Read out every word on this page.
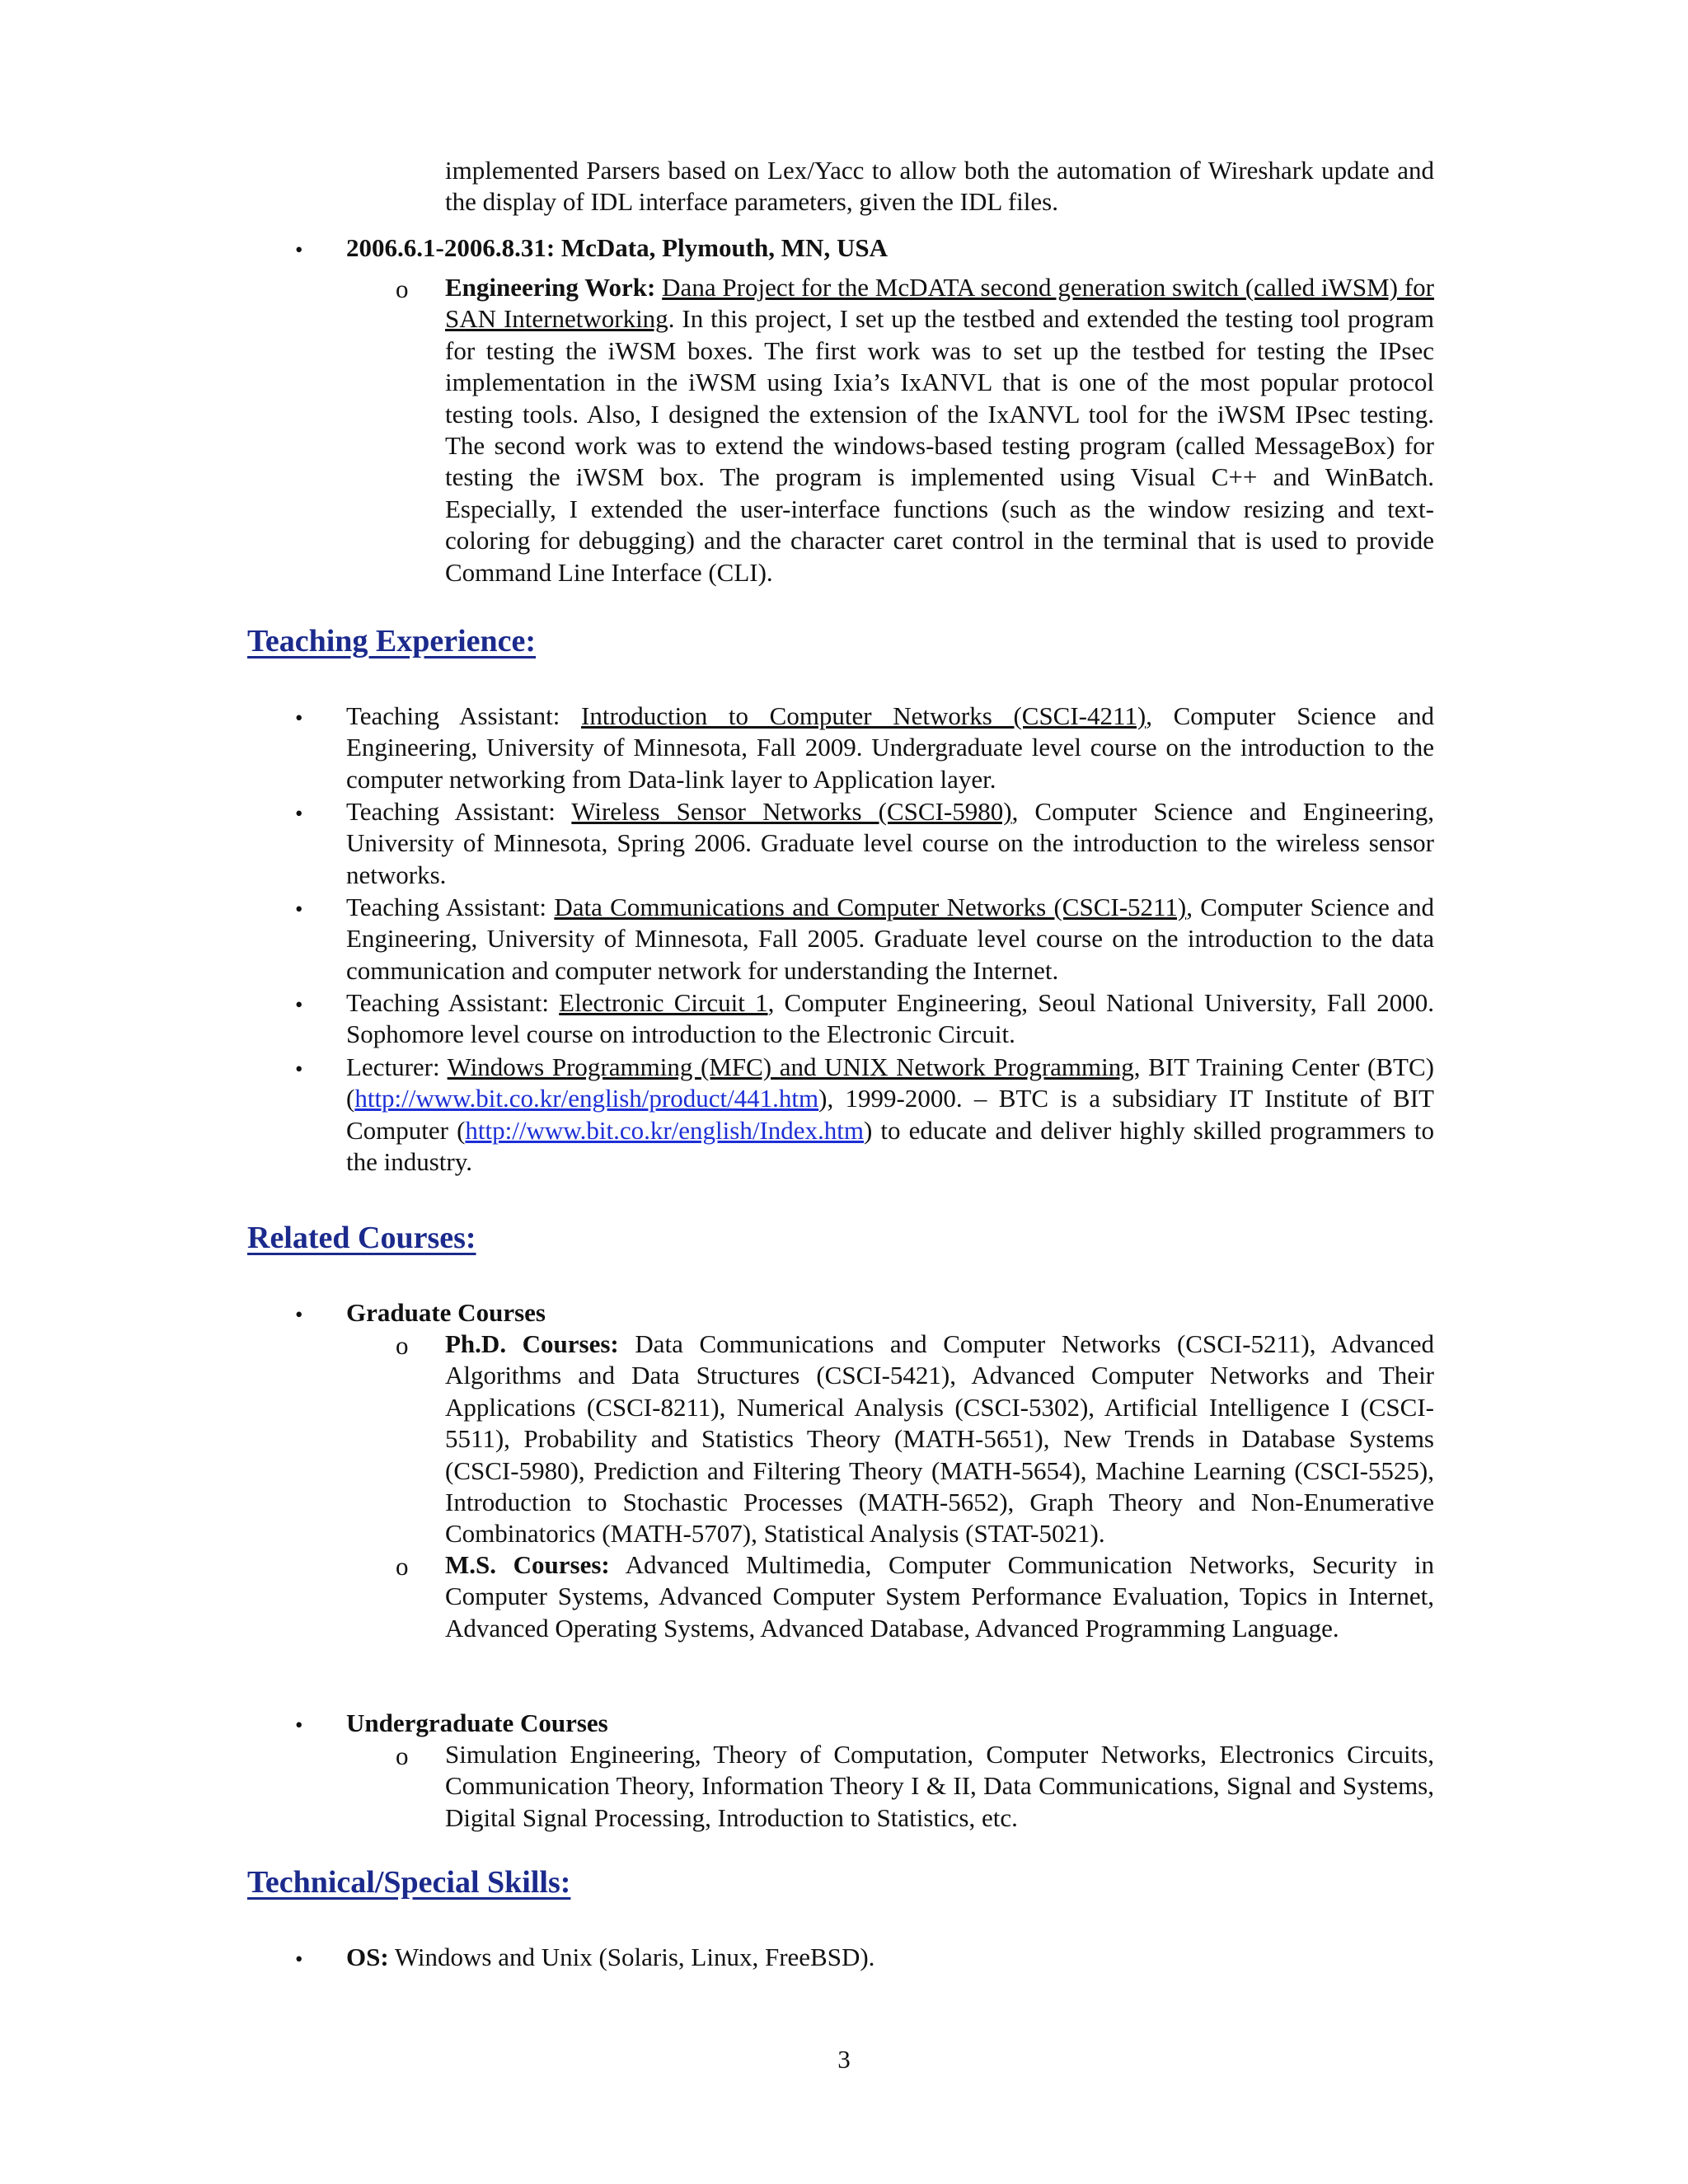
implemented Parsers based on Lex/Yacc to allow both the automation of Wireshark update and the display of IDL interface parameters, given the IDL files.

• 2006.6.1-2006.8.31: McData, Plymouth, MN, USA

o Engineering Work: Dana Project for the McDATA second generation switch (called iWSM) for SAN Internetworking. In this project, I set up the testbed and extended the testing tool program for testing the iWSM boxes. The first work was to set up the testbed for testing the IPsec implementation in the iWSM using Ixia’s IxANVL that is one of the most popular protocol testing tools. Also, I designed the extension of the IxANVL tool for the iWSM IPsec testing. The second work was to extend the windows-based testing program (called MessageBox) for testing the iWSM box. The program is implemented using Visual C++ and WinBatch. Especially, I extended the user-interface functions (such as the window resizing and text-coloring for debugging) and the character caret control in the terminal that is used to provide Command Line Interface (CLI).

Teaching Experience:
• Teaching Assistant: Introduction to Computer Networks (CSCI-4211), Computer Science and Engineering, University of Minnesota, Fall 2009. Undergraduate level course on the introduction to the computer networking from Data-link layer to Application layer.

• Teaching Assistant: Wireless Sensor Networks (CSCI-5980), Computer Science and Engineering, University of Minnesota, Spring 2006. Graduate level course on the introduction to the wireless sensor networks.

• Teaching Assistant: Data Communications and Computer Networks (CSCI-5211), Computer Science and Engineering, University of Minnesota, Fall 2005. Graduate level course on the introduction to the data communication and computer network for understanding the Internet.

• Teaching Assistant: Electronic Circuit 1, Computer Engineering, Seoul National University, Fall 2000. Sophomore level course on introduction to the Electronic Circuit.

• Lecturer: Windows Programming (MFC) and UNIX Network Programming, BIT Training Center (BTC) (http://www.bit.co.kr/english/product/441.htm), 1999-2000. – BTC is a subsidiary IT Institute of BIT Computer (http://www.bit.co.kr/english/Index.htm) to educate and deliver highly skilled programmers to the industry.

Related Courses:
• Graduate Courses

o Ph.D. Courses: Data Communications and Computer Networks (CSCI-5211), Advanced Algorithms and Data Structures (CSCI-5421), Advanced Computer Networks and Their Applications (CSCI-8211), Numerical Analysis (CSCI-5302), Artificial Intelligence I (CSCI-5511), Probability and Statistics Theory (MATH-5651), New Trends in Database Systems (CSCI-5980), Prediction and Filtering Theory (MATH-5654), Machine Learning (CSCI-5525), Introduction to Stochastic Processes (MATH-5652), Graph Theory and Non-Enumerative Combinatorics (MATH-5707), Statistical Analysis (STAT-5021).

o M.S. Courses: Advanced Multimedia, Computer Communication Networks, Security in Computer Systems, Advanced Computer System Performance Evaluation, Topics in Internet, Advanced Operating Systems, Advanced Database, Advanced Programming Language.

• Undergraduate Courses

o Simulation Engineering, Theory of Computation, Computer Networks, Electronics Circuits, Communication Theory, Information Theory I & II, Data Communications, Signal and Systems, Digital Signal Processing, Introduction to Statistics, etc.

Technical/Special Skills:
• OS: Windows and Unix (Solaris, Linux, FreeBSD).

3
